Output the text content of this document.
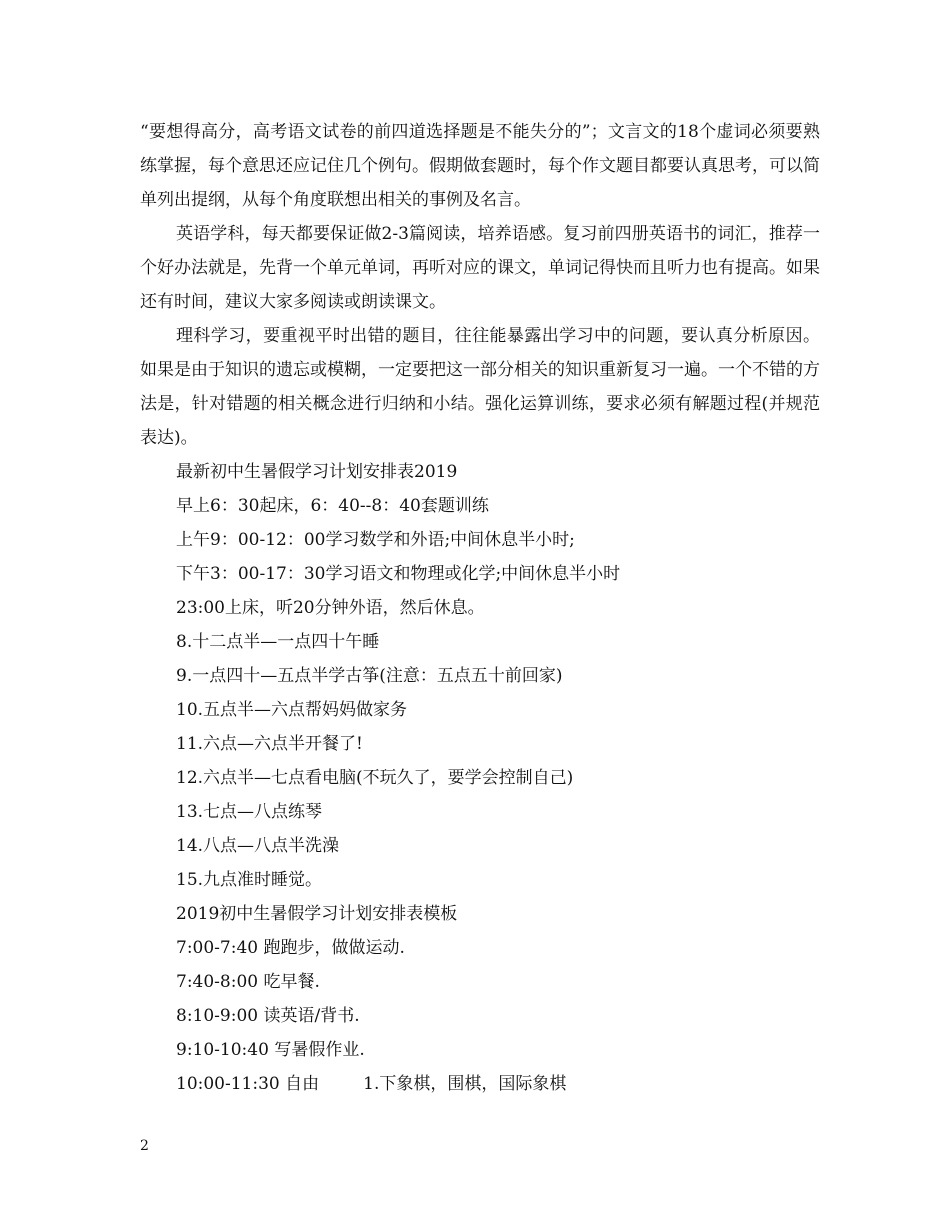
“要想得高分，高考语文试卷的前四道选择题是不能失分的”；文言文的18个虚词必须要熟练掌握，每个意思还应记住几个例句。假期做套题时，每个作文题目都要认真思考，可以简单列出提纲，从每个角度联想出相关的事例及名言。

英语学科，每天都要保证做2-3篇阅读，培养语感。复习前四册英语书的词汇，推荐一个好办法就是，先背一个单元单词，再听对应的课文，单词记得快而且听力也有提高。如果还有时间，建议大家多阅读或朗读课文。

理科学习，要重视平时出错的题目，往往能暴露出学习中的问题，要认真分析原因。如果是由于知识的遗忘或模糊，一定要把这一部分相关的知识重新复习一遍。一个不错的方法是，针对错题的相关概念进行归纳和小结。强化运算训练，要求必须有解题过程(并规范表达)。

最新初中生暑假学习计划安排表2019

早上6：30起床，6：40--8：40套题训练

上午9：00-12：00学习数学和外语;中间休息半小时;

下午3：00-17：30学习语文和物理或化学;中间休息半小时

23:00上床，听20分钟外语，然后休息。

8.十二点半—一点四十午睡

9.一点四十—五点半学古筝(注意：五点五十前回家)

10.五点半—六点帮妈妈做家务

11.六点—六点半开餐了!

12.六点半—七点看电脑(不玩久了，要学会控制自己)

13.七点—八点练琴

14.八点—八点半洗澡

15.九点准时睡觉。

2019初中生暑假学习计划安排表模板

7:00-7:40 跑跑步，做做运动.

7:40-8:00 吃早餐.

8:10-9:00 读英语/背书.

9:10-10:40 写暑假作业.

10:00-11:30 自由	1.下象棋，围棋，国际象棋

2
